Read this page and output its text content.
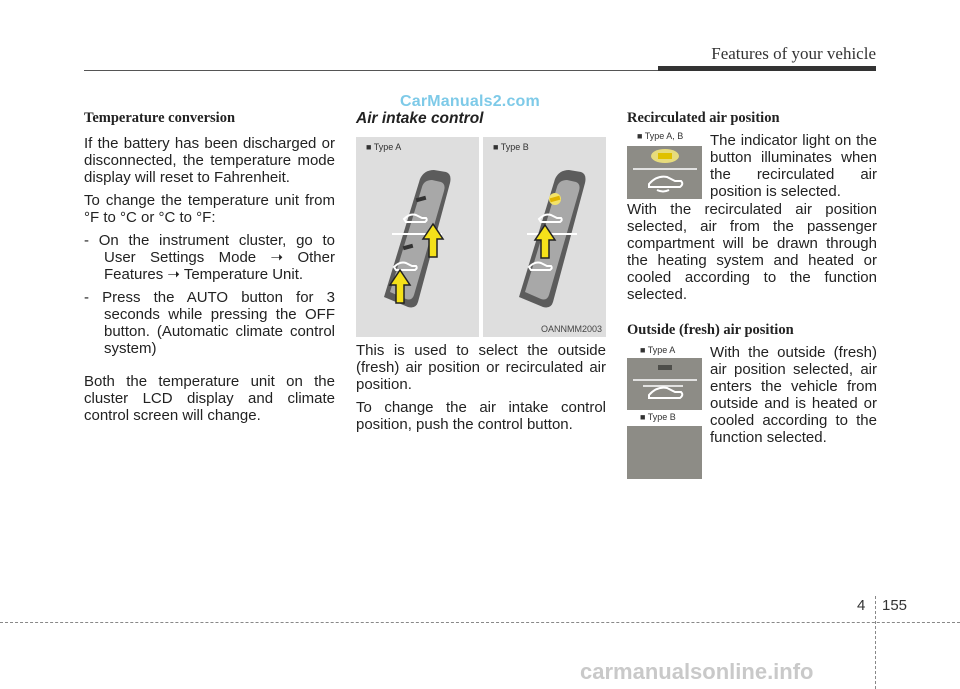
Features of your vehicle
CarManuals2.com
Temperature conversion

If the battery has been discharged or disconnected, the temperature mode display will reset to Fahrenheit.

To change the temperature unit from °F to °C or °C to °F:

- On the instrument cluster, go to User Settings Mode ➝ Other Features ➝ Temperature Unit.

- Press the AUTO button for 3 seconds while pressing the OFF button. (Automatic climate control system)

Both the temperature unit on the cluster LCD display and climate control screen will change.

Air intake control
■ Type A	■ Type B
OANNMM2003

This is used to select the outside (fresh) air position or recirculated air position.

To change the air intake control position, push the control button.

Recirculated air position
■ Type A, B The indicator light on the button illuminates when the recirculated air position is selected.
With the recirculated air position selected, air from the passenger compartment will be drawn through the heating system and heated or cooled according to the function selected.
Outside (fresh) air position
■ Type A
■ Type B
With the outside (fresh) air position selected, air enters the vehicle from outside and is heated or cooled according to the function selected.
4 155
carmanualsonline.info
